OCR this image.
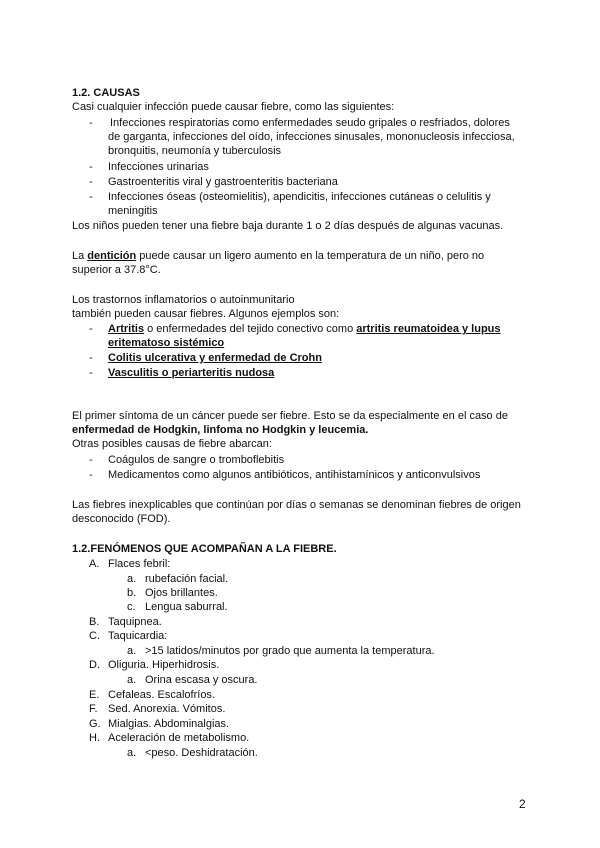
1.2. CAUSAS
Casi cualquier infección puede causar fiebre, como las siguientes:
- Infecciones respiratorias como enfermedades seudo gripales o resfriados, dolores
de garganta, infecciones del oído, infecciones sinusales, mononucleosis infecciosa,
bronquitis, neumonía y tuberculosis
- Infecciones urinarias
- Gastroenteritis viral y gastroenteritis bacteriana
- Infecciones óseas (osteomielitis), apendicitis, infecciones cutáneas o celulitis y
meningitis
Los niños pueden tener una fiebre baja durante 1 o 2 días después de algunas vacunas.
La dentición puede causar un ligero aumento en la temperatura de un niño, pero no
superior a 37.8°C.
Los trastornos inflamatorios o autoinmunitario
también pueden causar fiebres. Algunos ejemplos son:
- Artritis o enfermedades del tejido conectivo como artritis reumatoidea y lupus
eritematoso sistémico
- Colitis ulcerativa y enfermedad de Crohn
- Vasculitis o periarteritis nudosa
El primer síntoma de un cáncer puede ser fiebre. Esto se da especialmente en el caso de
enfermedad de Hodgkin, linfoma no Hodgkin y leucemia.
Otras posibles causas de fiebre abarcan:
- Coágulos de sangre o tromboflebitis
- Medicamentos como algunos antibióticos, antihistamínicos y anticonvulsivos
Las fiebres inexplicables que continúan por días o semanas se denominan fiebres de origen
desconocido (FOD).
1.2.FENÓMENOS QUE ACOMPAÑAN A LA FIEBRE.
A. Flaces febril:
a. rubefación facial.
b. Ojos brillantes.
c. Lengua saburral.
B. Taquipnea.
C. Taquicardia:
a. >15 latidos/minutos por grado que aumenta la temperatura.
D. Oliguria. Hiperhidrosis.
a. Orina escasa y oscura.
E. Cefaleas. Escalofríos.
F. Sed. Anorexia. Vómitos.
G. Mialgias. Abdominalgias.
H. Aceleración de metabolismo.
a. <peso. Deshidratación.
2
